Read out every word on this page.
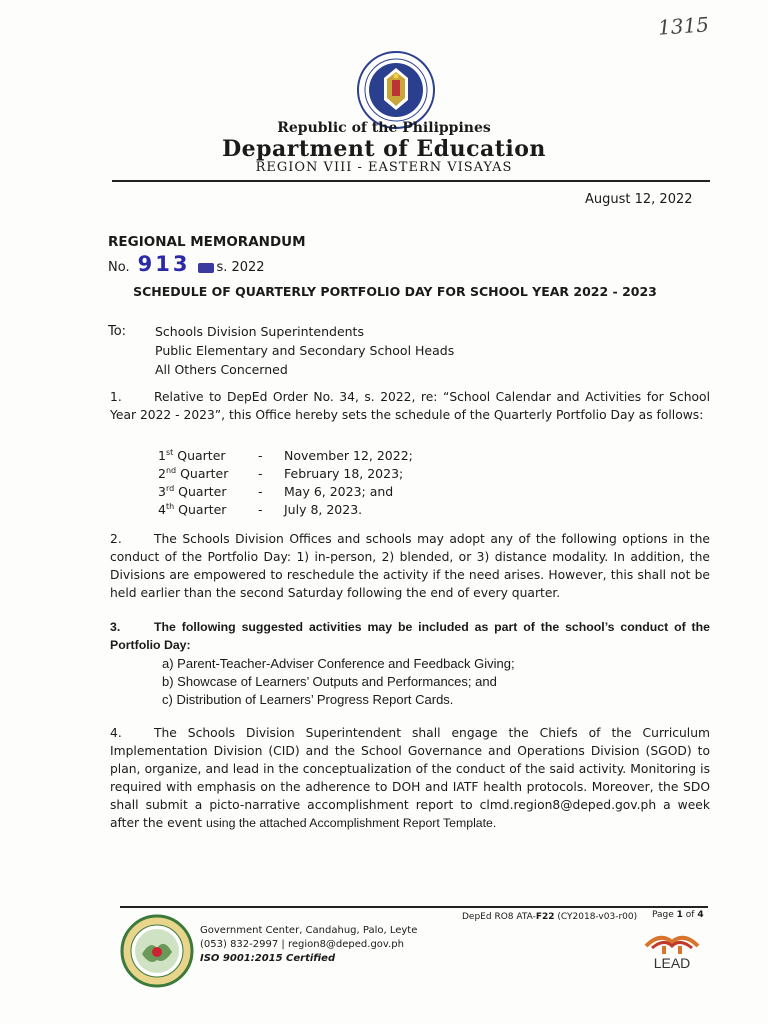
1315
Republic of the Philippines
Department of Education
REGION VIII - EASTERN VISAYAS
August 12, 2022
REGIONAL MEMORANDUM
No. 913 s. 2022
SCHEDULE OF QUARTERLY PORTFOLIO DAY FOR SCHOOL YEAR 2022 - 2023
To: Schools Division Superintendents
Public Elementary and Secondary School Heads
All Others Concerned
1.	Relative to DepEd Order No. 34, s. 2022, re: “School Calendar and Activities for School Year 2022 - 2023”, this Office hereby sets the schedule of the Quarterly Portfolio Day as follows:
1st Quarter	- November 12, 2022;
2nd Quarter - February 18, 2023;
3rd Quarter	- May 6, 2023; and
4th Quarter	- July 8, 2023.
2.	The Schools Division Offices and schools may adopt any of the following options in the conduct of the Portfolio Day: 1) in-person, 2) blended, or 3) distance modality. In addition, the Divisions are empowered to reschedule the activity if the need arises. However, this shall not be held earlier than the second Saturday following the end of every quarter.
3.	The following suggested activities may be included as part of the school’s conduct of the Portfolio Day:
a) Parent-Teacher-Adviser Conference and Feedback Giving;
b) Showcase of Learners’ Outputs and Performances; and
c) Distribution of Learners’ Progress Report Cards.
4.	The Schools Division Superintendent shall engage the Chiefs of the Curriculum Implementation Division (CID) and the School Governance and Operations Division (SGOD) to plan, organize, and lead in the conceptualization of the conduct of the said activity. Monitoring is required with emphasis on the adherence to DOH and IATF health protocols. Moreover, the SDO shall submit a picto-narrative accomplishment report to clmd.region8@deped.gov.ph a week after the event using the attached Accomplishment Report Template.
Government Center, Candahug, Palo, Leyte
(053) 832-2997 | region8@deped.gov.ph
ISO 9001:2015 Certified
DepEd RO8 ATA-F22 (CY2018-v03-r00) Page 1 of 4
LEAD
